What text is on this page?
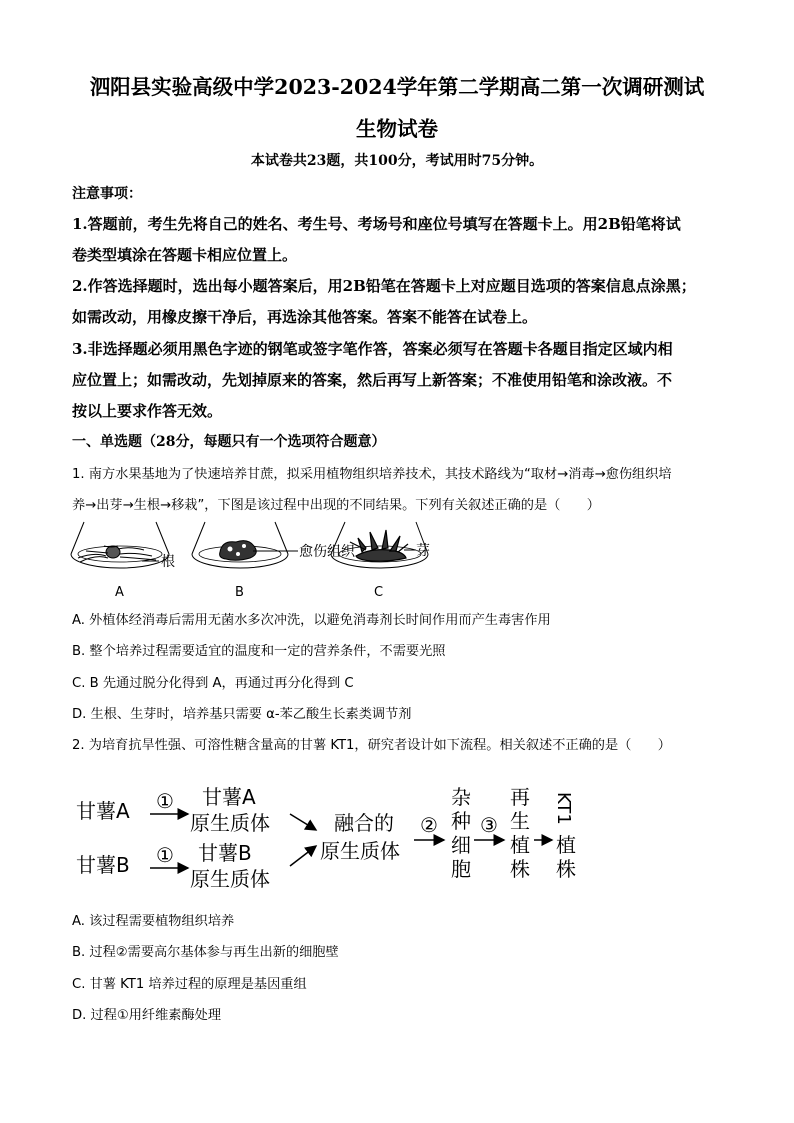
泗阳县实验高级中学2023-2024学年第二学期高二第一次调研测试
生物试卷
本试卷共23题，共100分，考试用时75分钟。
注意事项：
1.答题前，考生先将自己的姓名、考生号、考场号和座位号填写在答题卡上。用2B铅笔将试
卷类型填涂在答题卡相应位置上。
2.作答选择题时，选出每小题答案后，用2B铅笔在答题卡上对应题目选项的答案信息点涂黑；
如需改动，用橡皮擦干净后，再选涂其他答案。答案不能答在试卷上。
3.非选择题必须用黑色字迹的钢笔或签字笔作答，答案必须写在答题卡各题目指定区域内相
应位置上；如需改动，先划掉原来的答案，然后再写上新答案；不准使用铅笔和涂改液。不
按以上要求作答无效。
一、单选题（28分，每题只有一个选项符合题意）
1. 南方水果基地为了快速培养甘蔗，拟采用植物组织培养技术，其技术路线为“取材→消毒→愈伤组织培
养→出芽→生根→移栽”，下图是该过程中出现的不同结果。下列有关叙述正确的是（　　）
根
愈伤组织	芽
A	B	C
A. 外植体经消毒后需用无菌水多次冲洗，以避免消毒剂长时间作用而产生毒害作用
B. 整个培养过程需要适宜的温度和一定的营养条件，不需要光照
C. B 先通过脱分化得到 A，再通过再分化得到 C
D. 生根、生芽时，培养基只需要 α-苯乙酸生长素类调节剂
2. 为培育抗旱性强、可溶性糖含量高的甘薯 KT1，研究者设计如下流程。相关叙述不正确的是（　　）
甘薯A ① 甘薯A
原生质体
甘薯B ① 甘薯B
原生质体
融合的
原生质体
②
杂
种
细
胞
③
再
生
植
株
KT1
植
株
A. 该过程需要植物组织培养
B. 过程②需要高尔基体参与再生出新的细胞壁
C. 甘薯 KT1 培养过程的原理是基因重组
D. 过程①用纤维素酶处理
